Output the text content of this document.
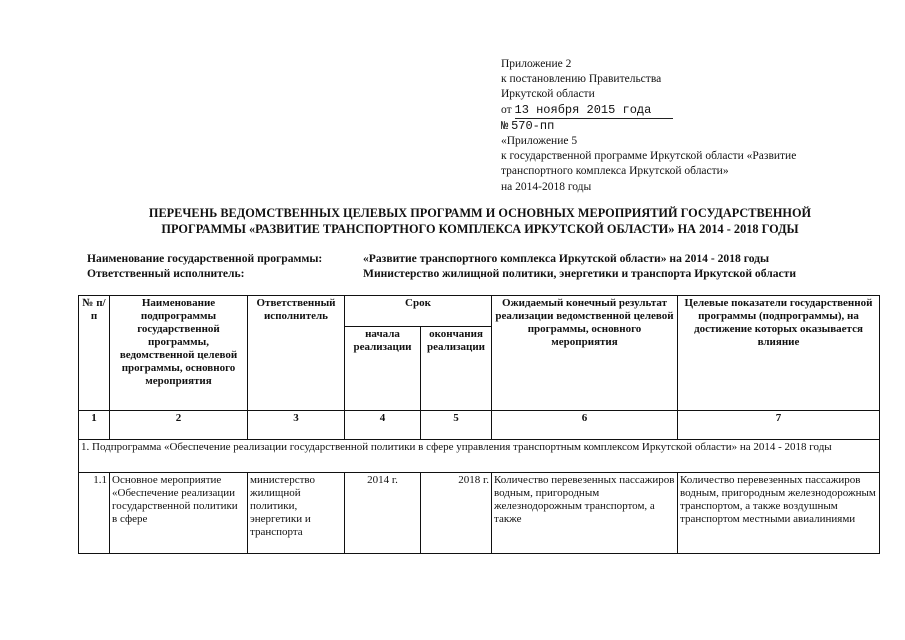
Приложение 2
к постановлению Правительства
Иркутской области
от 13 ноября 2015 года
№ 570-пп
«Приложение 5
к государственной программе Иркутской области «Развитие
транспортного комплекса Иркутской области»
на 2014-2018 годы
ПЕРЕЧЕНЬ ВЕДОМСТВЕННЫХ ЦЕЛЕВЫХ ПРОГРАММ И ОСНОВНЫХ МЕРОПРИЯТИЙ ГОСУДАРСТВЕННОЙ
ПРОГРАММЫ «РАЗВИТИЕ ТРАНСПОРТНОГО КОМПЛЕКСА ИРКУТСКОЙ ОБЛАСТИ» НА 2014 - 2018 ГОДЫ
Наименование государственной программы:	«Развитие транспортного комплекса Иркутской области» на 2014 - 2018 годы
Ответственный исполнитель:	Министерство жилищной политики, энергетики и транспорта Иркутской области
№ п/п	Наименование подпрограммы государственной программы, ведомственной целевой программы, основного мероприятия	Ответственный исполнитель	Срок		Ожидаемый конечный результат реализации ведомственной целевой программы, основного мероприятия	Целевые показатели государственной программы (подпрограммы), на достижение которых оказывается влияние
			начала реализации	окончания реализации		
1	2	3	4	5	6	7
1. Подпрограмма «Обеспечение реализации государственной политики в сфере управления транспортным комплексом Иркутской области» на 2014 - 2018 годы						
1.1	Основное мероприятие «Обеспечение реализации государственной политики в сфере	министерство жилищной политики, энергетики и транспорта	2014 г.	2018 г.	Количество перевезенных пассажиров водным, пригородным железнодорожным транспортом, а также	Количество перевезенных пассажиров водным, пригородным железнодорожным транспортом, а также воздушным транспортом местными авиалиниями
